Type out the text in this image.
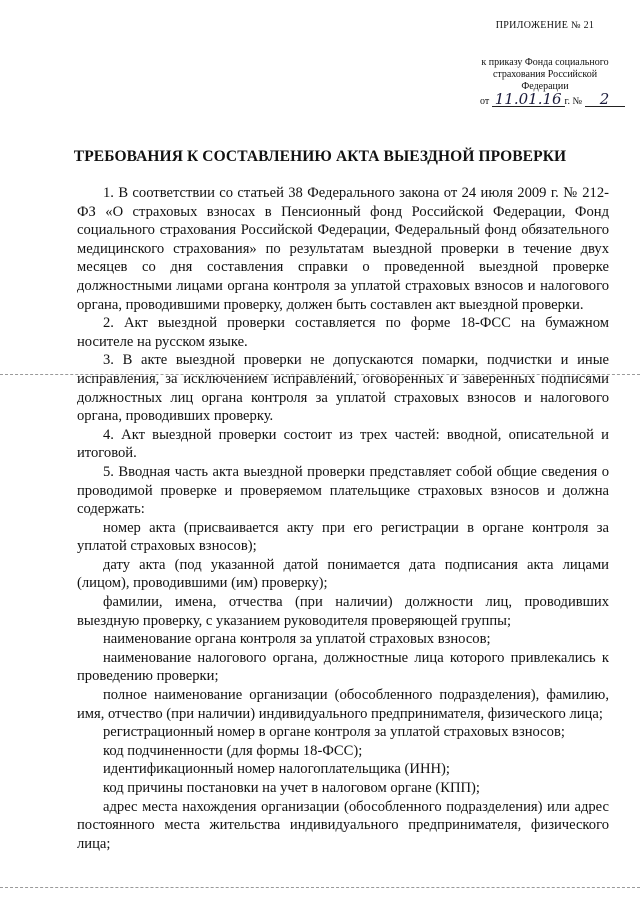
ПРИЛОЖЕНИЕ № 21
к приказу Фонда социального
страхования Российской
Федерации
от 11.01.16 г. № 2
ТРЕБОВАНИЯ К СОСТАВЛЕНИЮ АКТА ВЫЕЗДНОЙ ПРОВЕРКИ

1. В соответствии со статьей 38 Федерального закона от 24 июля 2009 г. № 212-ФЗ «О страховых взносах в Пенсионный фонд Российской Федерации, Фонд социального страхования Российской Федерации, Федеральный фонд обязательного медицинского страхования» по результатам выездной проверки в течение двух месяцев со дня составления справки о проведенной выездной проверке должностными лицами органа контроля за уплатой страховых взносов и налогового органа, проводившими проверку, должен быть составлен акт выездной проверки.

2. Акт выездной проверки составляется по форме 18-ФСС на бумажном носителе на русском языке.

3. В акте выездной проверки не допускаются помарки, подчистки и иные исправления, за исключением исправлений, оговоренных и заверенных подписями должностных лиц органа контроля за уплатой страховых взносов и налогового органа, проводивших проверку.

4. Акт выездной проверки состоит из трех частей: вводной, описательной и итоговой.

5. Вводная часть акта выездной проверки представляет собой общие сведения о проводимой проверке и проверяемом плательщике страховых взносов и должна содержать:

номер акта (присваивается акту при его регистрации в органе контроля за уплатой страховых взносов);

дату акта (под указанной датой понимается дата подписания акта лицами (лицом), проводившими (им) проверку);

фамилии, имена, отчества (при наличии) должности лиц, проводивших выездную проверку, с указанием руководителя проверяющей группы;

наименование органа контроля за уплатой страховых взносов;

наименование налогового органа, должностные лица которого привлекались к проведению проверки;

полное наименование организации (обособленного подразделения), фамилию, имя, отчество (при наличии) индивидуального предпринимателя, физического лица;

регистрационный номер в органе контроля за уплатой страховых взносов;

код подчиненности (для формы 18-ФСС);

идентификационный номер налогоплательщика (ИНН);

код причины постановки на учет в налоговом органе (КПП);

адрес места нахождения организации (обособленного подразделения) или адрес постоянного места жительства индивидуального предпринимателя, физического лица;
